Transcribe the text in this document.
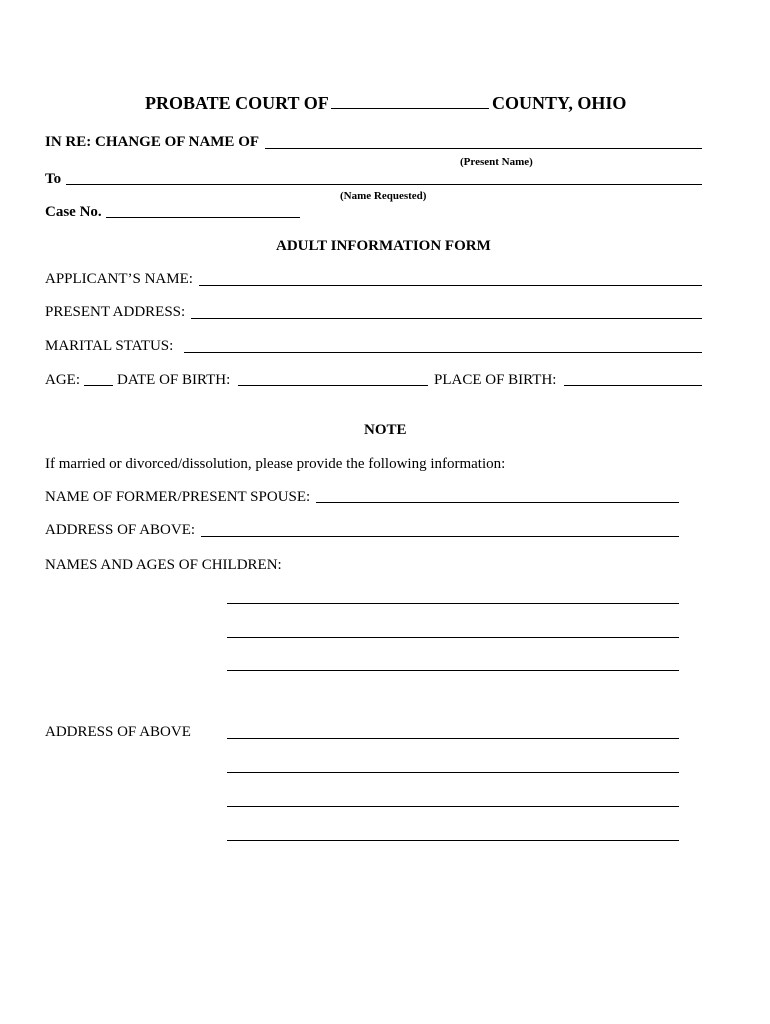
PROBATE COURT OF	COUNTY, OHIO
IN RE: CHANGE OF NAME OF
(Present Name)
To
(Name Requested)
Case No.
ADULT INFORMATION FORM
APPLICANT’S NAME:
PRESENT ADDRESS:
MARITAL STATUS:
AGE: DATE OF BIRTH:	PLACE OF BIRTH:
NOTE
If married or divorced/dissolution, please provide the following information:
NAME OF FORMER/PRESENT SPOUSE:
ADDRESS OF ABOVE:
NAMES AND AGES OF CHILDREN:
ADDRESS OF ABOVE
